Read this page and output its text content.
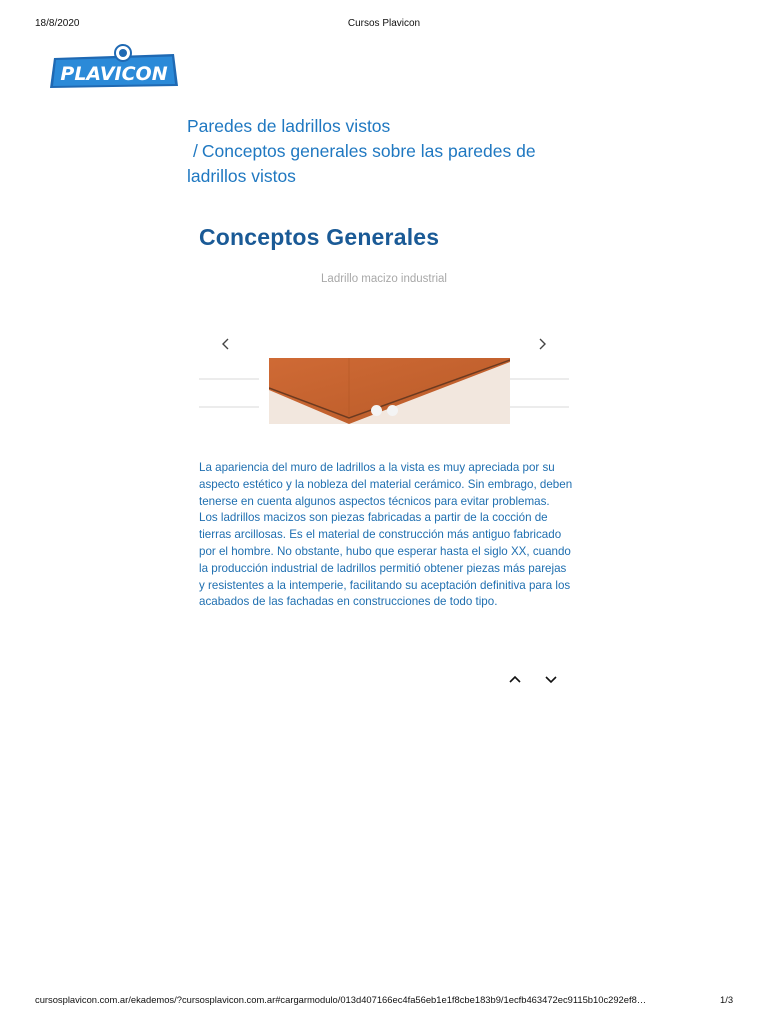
18/8/2020	Cursos Plavicon
PLAVICON
Paredes de ladrillos vistos
/ Conceptos generales sobre las paredes de ladrillos vistos
Conceptos Generales
Ladrillo macizo industrial

La apariencia del muro de ladrillos a la vista es muy apreciada por su aspecto estético y la nobleza del material cerámico. Sin embrago, deben tenerse en cuenta algunos aspectos técnicos para evitar problemas.

Los ladrillos macizos son piezas fabricadas a partir de la cocción de tierras arcillosas. Es el material de construcción más antiguo fabricado por el hombre. No obstante, hubo que esperar hasta el siglo XX, cuando la producción industrial de ladrillos permitió obtener piezas más parejas y resistentes a la intemperie, facilitando su aceptación definitiva para los acabados de las fachadas en construcciones de todo tipo.

cursosplavicon.com.ar/ekademos/?cursosplavicon.com.ar#cargarmodulo/013d407166ec4fa56eb1e1f8cbe183b9/1ecfb463472ec9115b10c292ef8…	1/3
